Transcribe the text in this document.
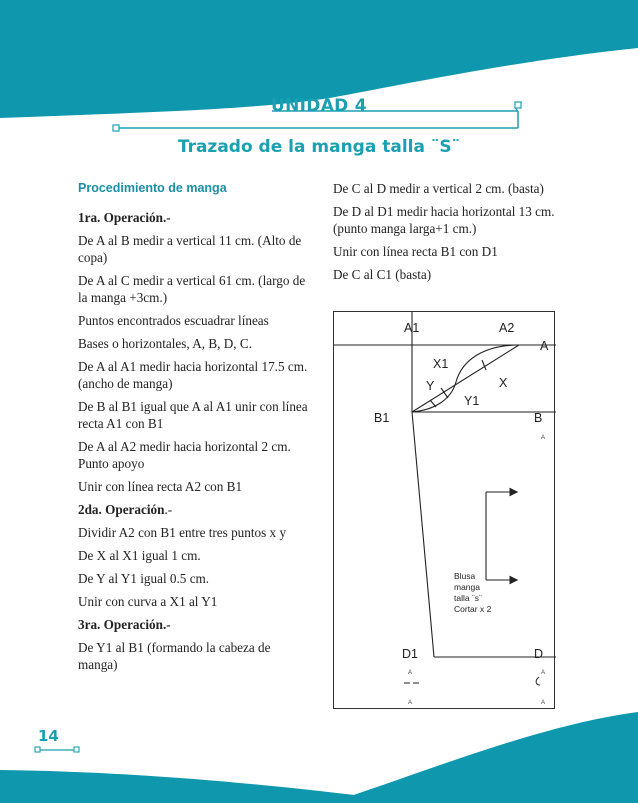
UNIDAD 4
Trazado de la manga talla ¨S¨

Procedimiento de manga

1ra. Operación.-

De A al B medir a vertical 11 cm. (Alto de copa)

De A al C medir a vertical 61 cm. (largo de la manga +3cm.)

Puntos encontrados escuadrar líneas

Bases o horizontales, A, B, D, C.

De A al A1 medir hacia horizontal 17.5 cm. (ancho de manga)

De B al B1 igual que A al A1 unir con línea recta A1 con B1

De A al A2 medir hacia horizontal 2 cm. Punto apoyo

Unir con línea recta A2 con B1

2da. Operación.-

Dividir A2 con B1 entre tres puntos x y

De X al X1 igual 1 cm.

De Y al Y1 igual 0.5 cm.

Unir con curva a X1 al Y1

3ra. Operación.-

De Y1 al B1 (formando la cabeza de manga)

De C al D medir a vertical 2 cm. (basta)

De D al D1 medir hacia horizontal 13 cm. (punto manga larga+1 cm.)

Unir con línea recta B1 con D1

De C al C1 (basta)

A1	A2
A
X1
Y	X
Y1
B1	B
D1	D
Blusa
manga
talla ¨s¨
Cortar x 2
A
A	A
A	A
14
